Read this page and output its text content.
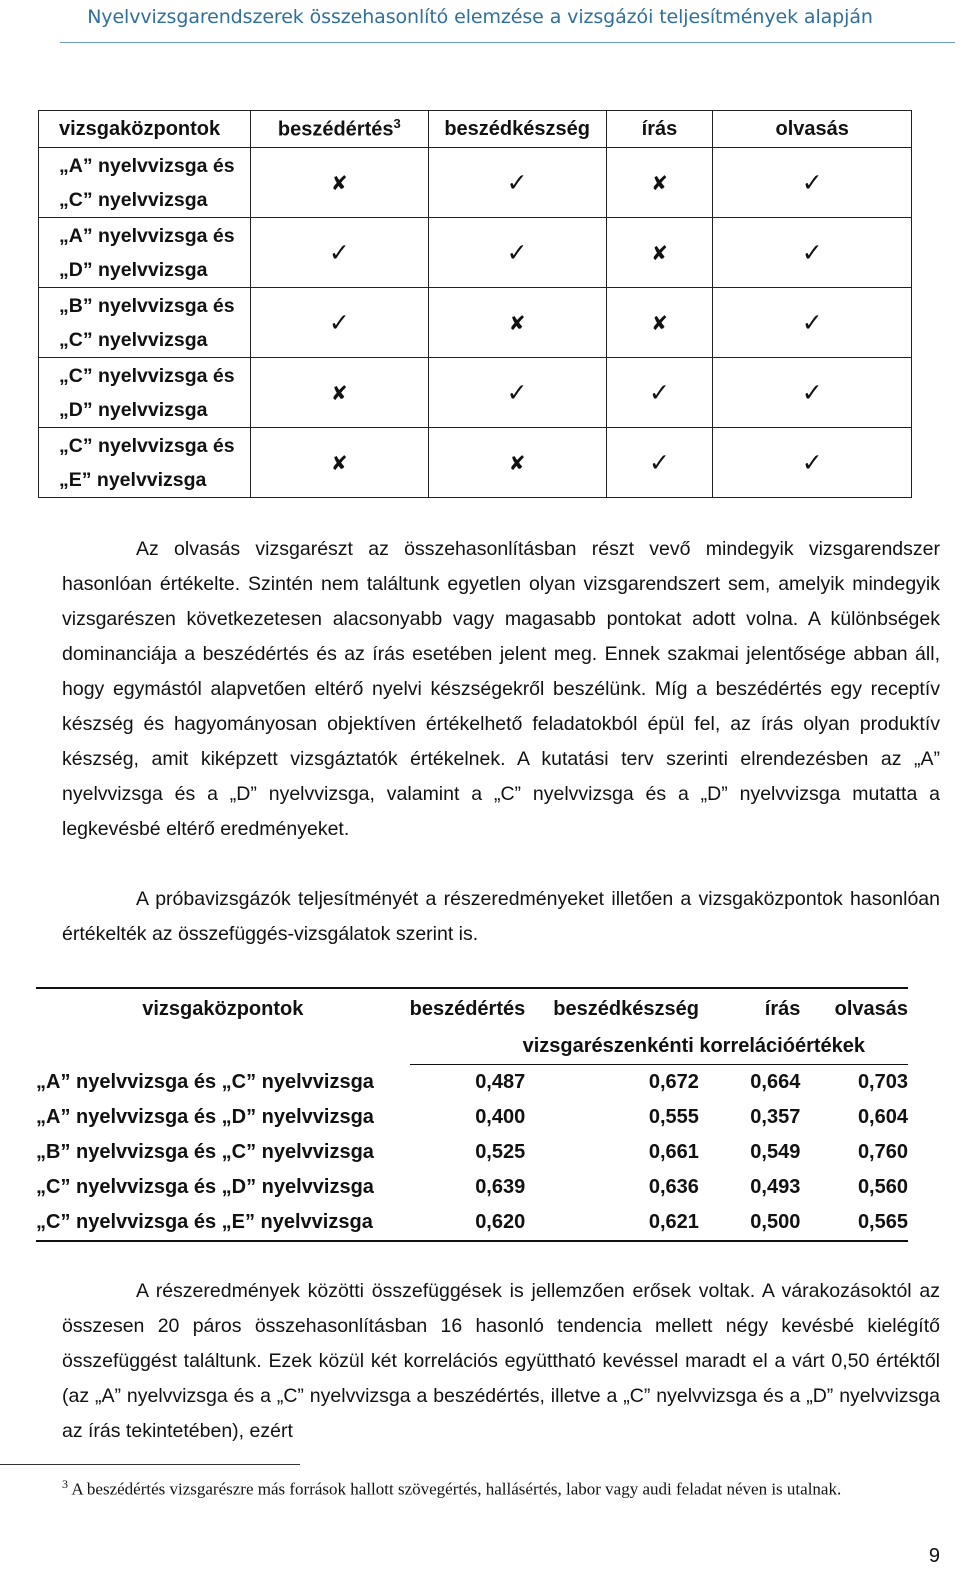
Nyelvvizsgarendszerek összehasonlító elemzése a vizsgázói teljesítmények alapján
vizsgaközpontok	beszédértés$^3$	beszédkészség	írás	olvasás

„A” nyelvvizsga és
„C” nyelvvizsga	✘	✓	✘	✓

„A” nyelvvizsga és
„D” nyelvvizsga	✓	✓	✘	✓

„B” nyelvvizsga és
„C” nyelvvizsga	✓	✘	✘	✓

„C” nyelvvizsga és
„D” nyelvvizsga	✘	✓	✓	✓

„C” nyelvvizsga és
„E” nyelvvizsga	✘	✘	✓	✓
Az olvasás vizsgarészt az összehasonlításban részt vevő mindegyik vizsgarendszer hasonlóan értékelte. Szintén nem találtunk egyetlen olyan vizsgarendszert sem, amelyik mindegyik vizsgarészen következetesen alacsonyabb vagy magasabb pontokat adott volna. A különbségek dominanciája a beszédértés és az írás esetében jelent meg. Ennek szakmai jelentősége abban áll, hogy egymástól alapvetően eltérő nyelvi készségekről beszélünk. Míg a beszédértés egy receptív készség és hagyományosan objektíven értékelhető feladatokból épül fel, az írás olyan produktív készség, amit kiképzett vizsgáztatók értékelnek. A kutatási terv szerinti elrendezésben az „A” nyelvvizsga és a „D” nyelvvizsga, valamint a „C” nyelvvizsga és a „D” nyelvvizsga mutatta a legkevésbé eltérő eredményeket.
A próbavizsgázók teljesítményét a részeredményeket illetően a vizsgaközpontok hasonlóan értékelték az összefüggés-vizsgálatok szerint is.
vizsgaközpontok	beszédértés	beszédkészség	írás	olvasás
	vizsgarészenkénti korrelációértékek			
„A” nyelvvizsga és „C” nyelvvizsga	0,487	0,672	0,664	0,703
„A” nyelvvizsga és „D” nyelvvizsga	0,400	0,555	0,357	0,604
„B” nyelvvizsga és „C” nyelvvizsga	0,525	0,661	0,549	0,760
„C” nyelvvizsga és „D” nyelvvizsga	0,639	0,636	0,493	0,560
„C” nyelvvizsga és „E” nyelvvizsga	0,620	0,621	0,500	0,565
A részeredmények közötti összefüggések is jellemzően erősek voltak. A várakozásoktól az összesen 20 páros összehasonlításban 16 hasonló tendencia mellett négy kevésbé kielégítő összefüggést találtunk. Ezek közül két korrelációs együttható kevéssel maradt el a várt 0,50 értéktől (az „A” nyelvvizsga és a „C” nyelvvizsga a beszédértés, illetve a „C” nyelvvizsga és a „D” nyelvvizsga az írás tekintetében), ezért
$^3$ A beszédértés vizsgarészre más források hallott szövegértés, hallásértés, labor vagy audi feladat néven is utalnak.
9
